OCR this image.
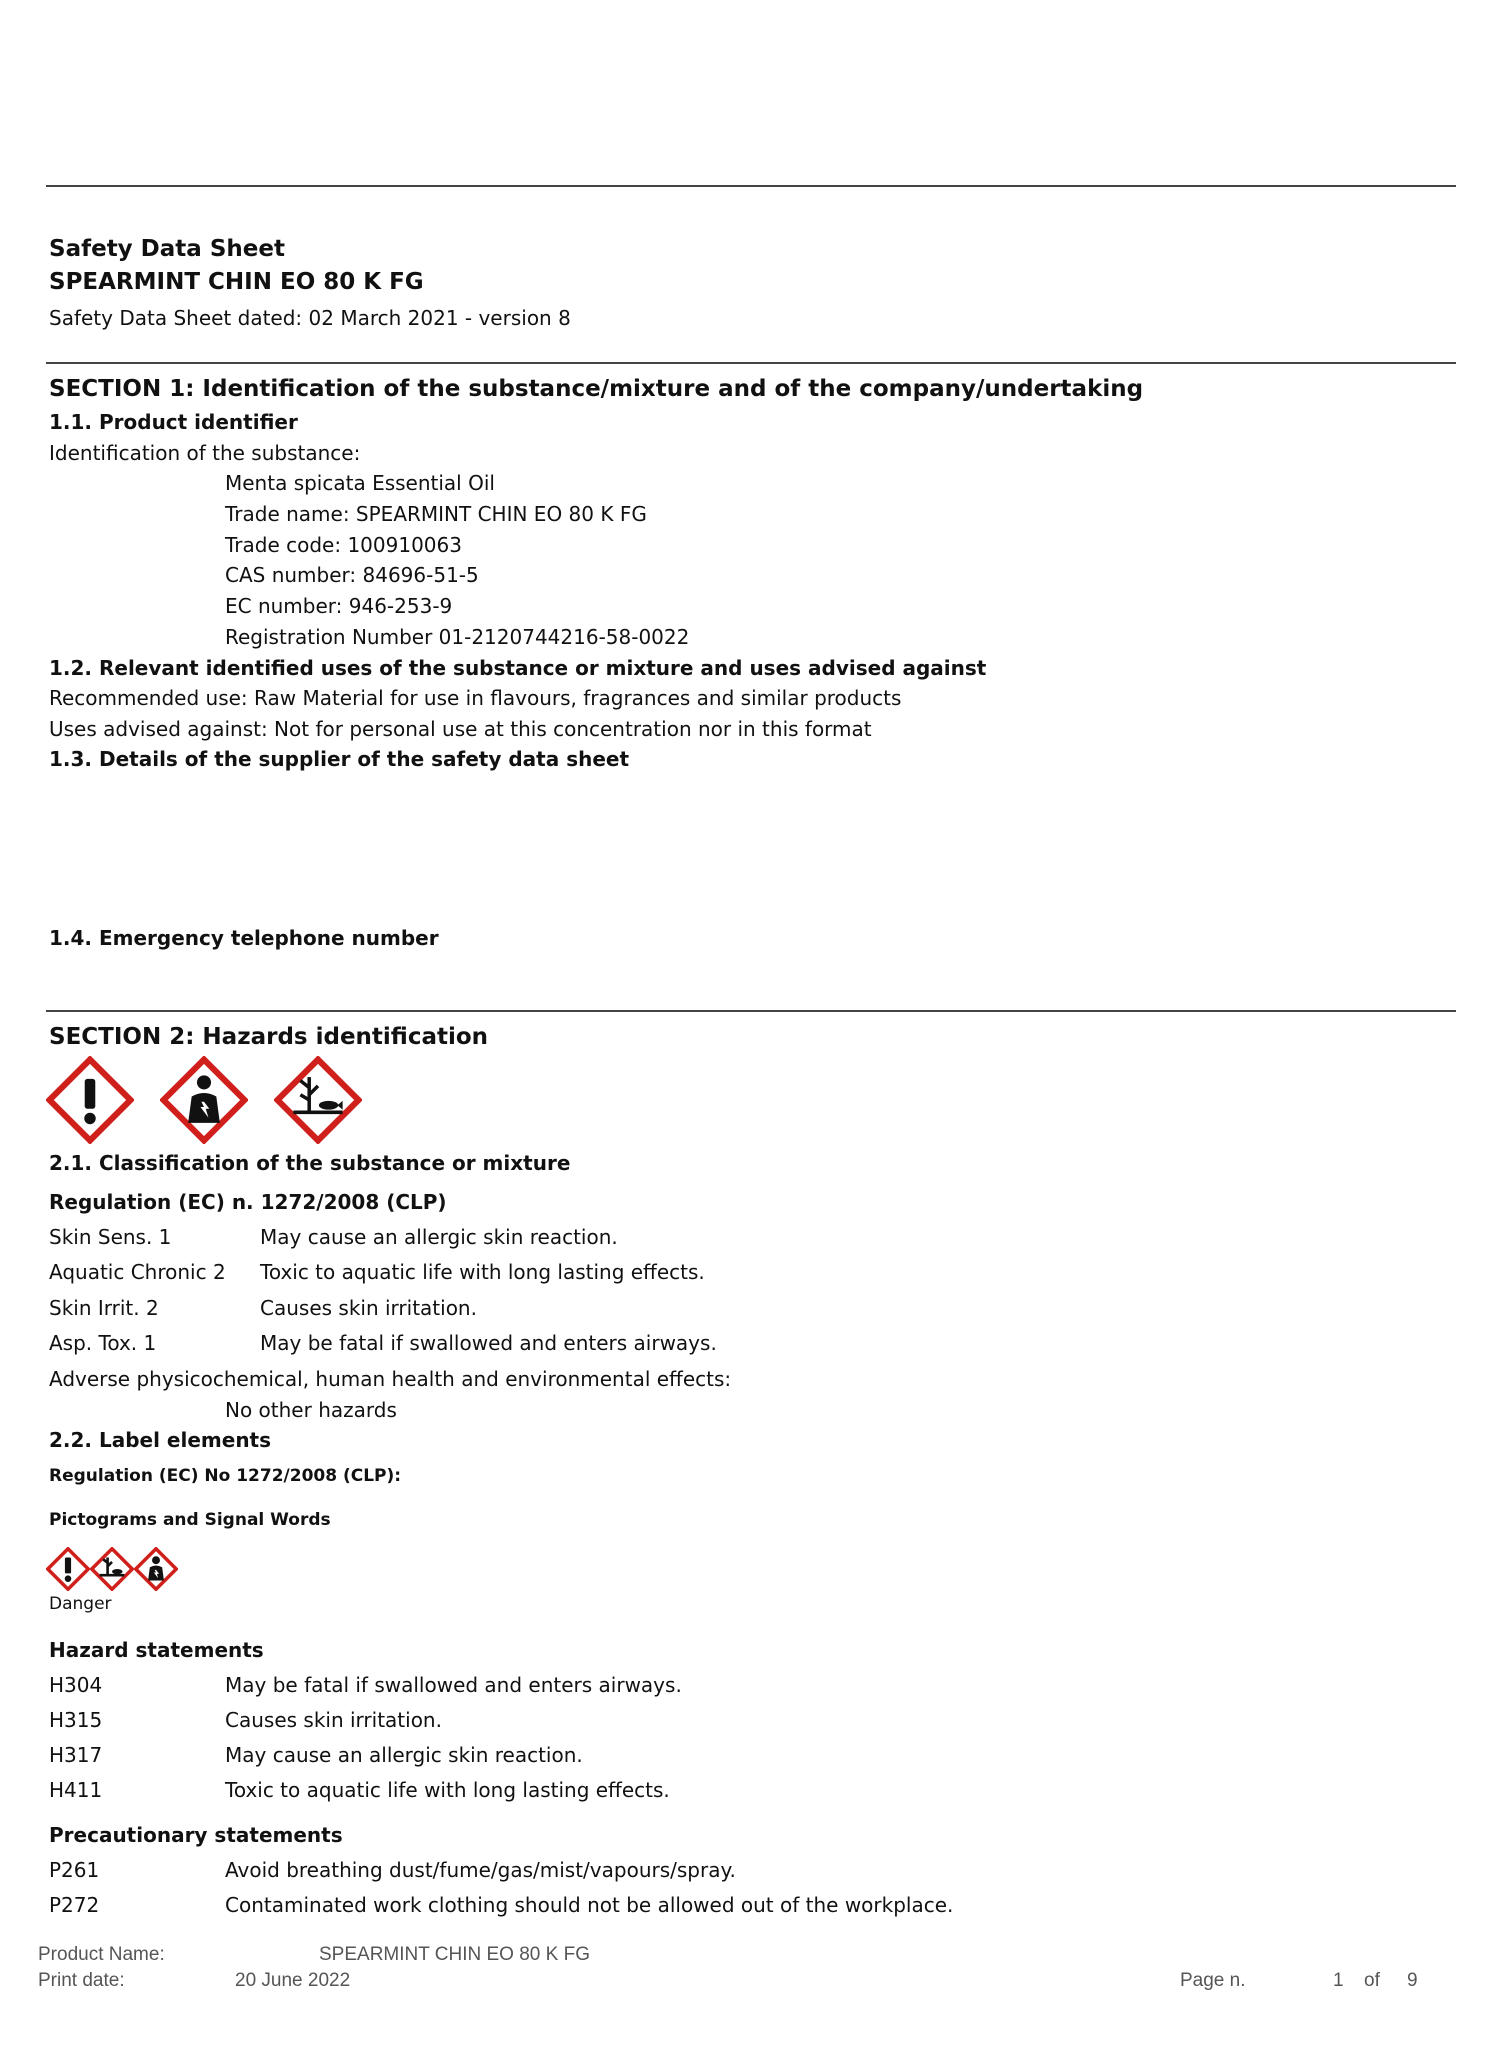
Safety Data Sheet
SPEARMINT CHIN EO 80 K FG
Safety Data Sheet dated: 02 March 2021 - version 8
SECTION 1: Identification of the substance/mixture and of the company/undertaking
1.1. Product identifier
Identification of the substance:
Menta spicata Essential Oil
Trade name: SPEARMINT CHIN EO 80 K FG
Trade code: 100910063
CAS number: 84696-51-5
EC number: 946-253-9
Registration Number 01-2120744216-58-0022
1.2. Relevant identified uses of the substance or mixture and uses advised against
Recommended use: Raw Material for use in flavours, fragrances and similar products
Uses advised against: Not for personal use at this concentration nor in this format
1.3. Details of the supplier of the safety data sheet
1.4. Emergency telephone number
SECTION 2: Hazards identification
2.1. Classification of the substance or mixture
Regulation (EC) n. 1272/2008 (CLP)
Skin Sens. 1	May cause an allergic skin reaction.
Aquatic Chronic 2 Toxic to aquatic life with long lasting effects.
Skin Irrit. 2	Causes skin irritation.
Asp. Tox. 1	May be fatal if swallowed and enters airways.
Adverse physicochemical, human health and environmental effects:
No other hazards
2.2. Label elements
Regulation (EC) No 1272/2008 (CLP):
Pictograms and Signal Words
Danger
Hazard statements
H304	May be fatal if swallowed and enters airways.
H315	Causes skin irritation.
H317	May cause an allergic skin reaction.
H411	Toxic to aquatic life with long lasting effects.
Precautionary statements
P261	Avoid breathing dust/fume/gas/mist/vapours/spray.
P272	Contaminated work clothing should not be allowed out of the workplace.
Product Name:	SPEARMINT CHIN EO 80 K FG
Print date:	20 June 2022	Page n.	1 of 9
